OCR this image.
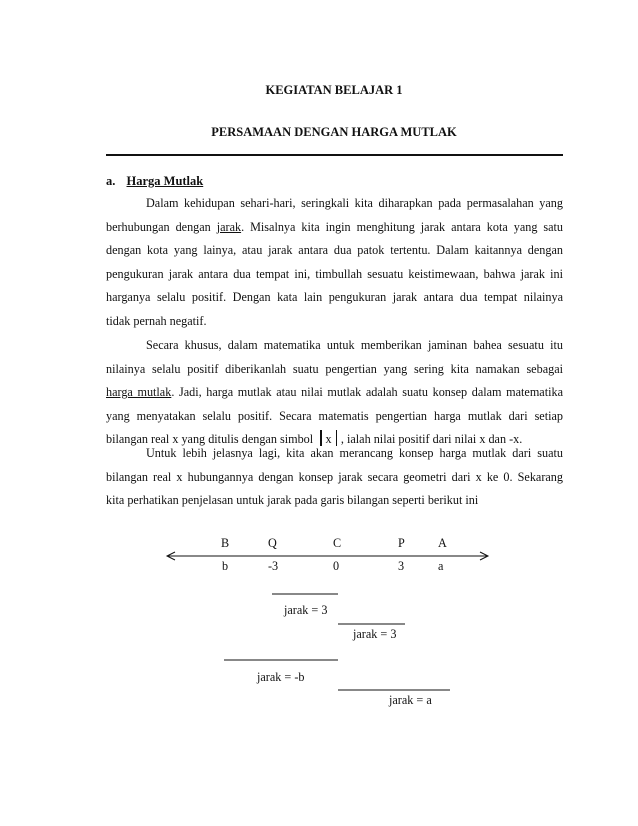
KEGIATAN BELAJAR 1
PERSAMAAN DENGAN HARGA MUTLAK
a. Harga Mutlak
Dalam kehidupan sehari-hari, seringkali kita diharapkan pada permasalahan yang
berhubungan dengan jarak. Misalnya kita ingin menghitung jarak antara kota yang satu
dengan kota yang lainya, atau jarak antara dua patok tertentu. Dalam kaitannya dengan
pengukuran jarak antara dua tempat ini, timbullah sesuatu keistimewaan, bahwa jarak ini
harganya selalu positif. Dengan kata lain pengukuran jarak antara dua tempat nilainya
tidak pernah negatif.
Secara khusus, dalam matematika untuk memberikan jaminan bahea sesuatu itu
nilainya selalu positif diberikanlah suatu pengertian yang sering kita namakan sebagai
harga mutlak. Jadi, harga mutlak atau nilai mutlak adalah suatu konsep dalam matematika
yang menyatakan selalu positif. Secara matematis pengertian harga mutlak dari setiap
bilangan real x yang ditulis dengan simbol x , ialah nilai positif dari nilai x dan -x.
Untuk lebih jelasnya lagi, kita akan merancang konsep harga mutlak dari suatu
bilangan real x hubungannya dengan konsep jarak secara geometri dari x ke 0. Sekarang
kita perhatikan penjelasan untuk jarak pada garis bilangan seperti berikut ini
B	Q	C	P	A
b	-3	0	3	a
jarak = 3
jarak = 3
jarak = -b
jarak = a
